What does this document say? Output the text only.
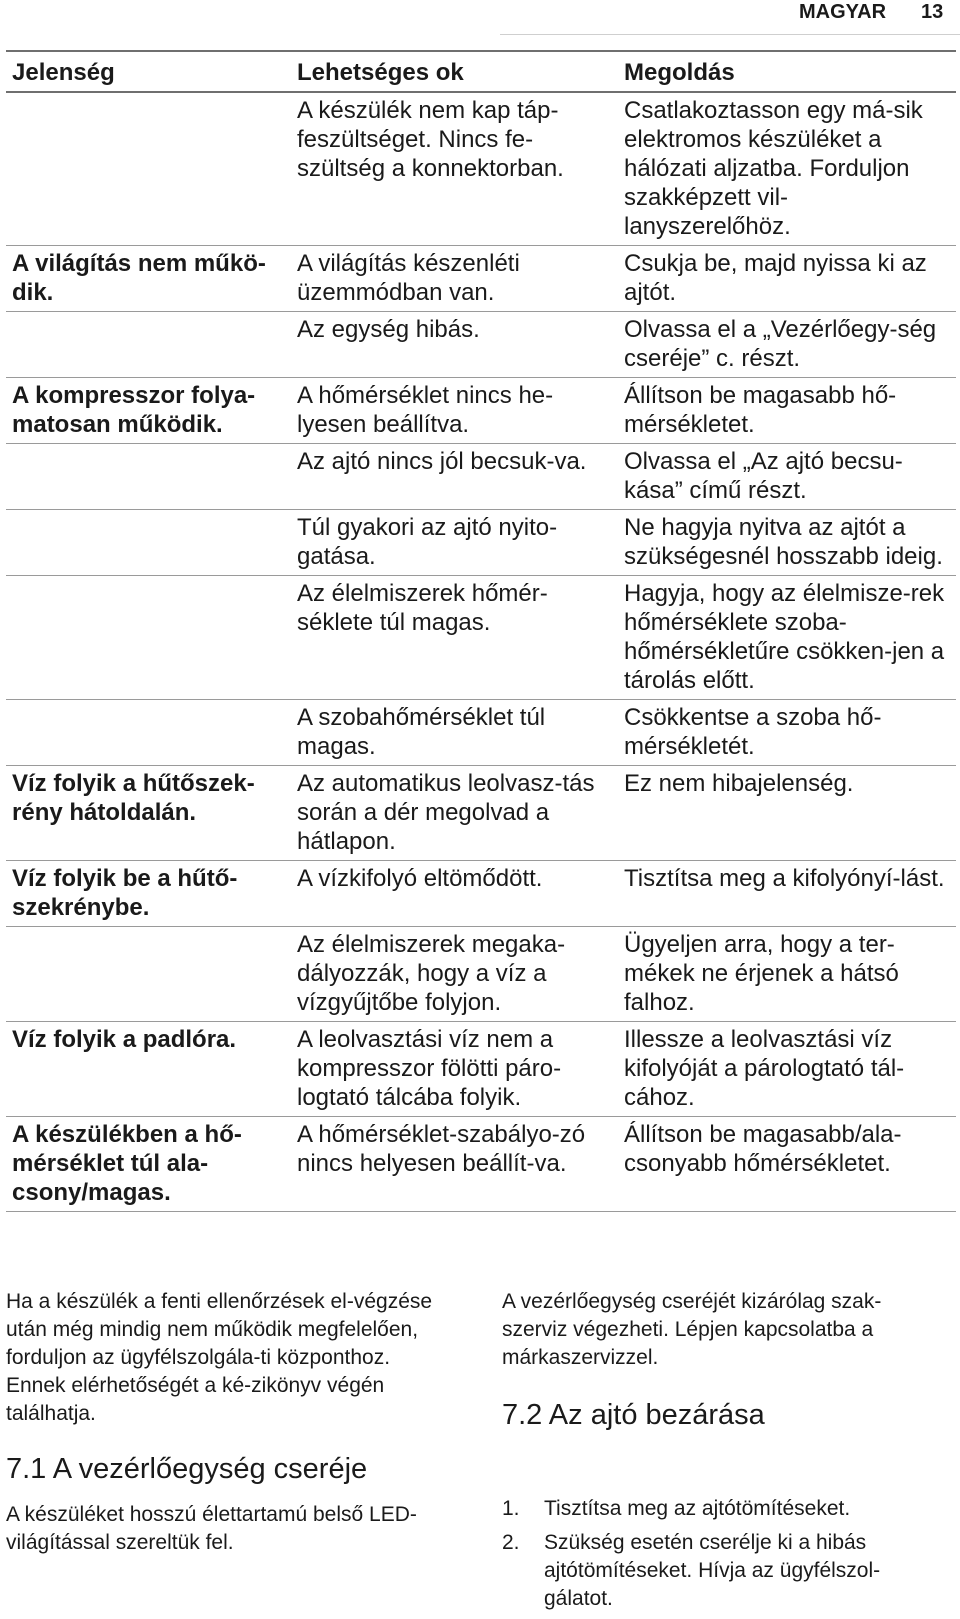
MAGYAR 13
Jelenség	Lehetséges ok	Megoldás
	A készülék nem kap táp-feszültséget. Nincs fe-szültség a konnektorban.	Csatlakoztasson egy má-sik elektromos készüléket a hálózati aljzatba. Forduljon szakképzett vil-lanyszerelőhöz.
A világítás nem műkö-dik.	A világítás készenléti üzemmódban van.	Csukja be, majd nyissa ki az ajtót.
	Az egység hibás.	Olvassa el a „Vezérlőegy-ség cseréje” c. részt.
A kompresszor folya-matosan működik.	A hőmérséklet nincs he-lyesen beállítva.	Állítson be magasabb hő-mérsékletet.
	Az ajtó nincs jól becsuk-va.	Olvassa el „Az ajtó becsu-kása” című részt.
	Túl gyakori az ajtó nyito-gatása.	Ne hagyja nyitva az ajtót a szükségesnél hosszabb ideig.
	Az élelmiszerek hőmér-séklete túl magas.	Hagyja, hogy az élelmisze-rek hőmérséklete szoba-hőmérsékletűre csökken-jen a tárolás előtt.
	A szobahőmérséklet túl magas.	Csökkentse a szoba hő-mérsékletét.
Víz folyik a hűtőszek-rény hátoldalán.	Az automatikus leolvasz-tás során a dér megolvad a hátlapon.	Ez nem hibajelenség.
Víz folyik be a hűtő-szekrénybe.	A vízkifolyó eltömődött.	Tisztítsa meg a kifolyónyí-lást.
	Az élelmiszerek megaka-dályozzák, hogy a víz a vízgyűjtőbe folyjon.	Ügyeljen arra, hogy a ter-mékek ne érjenek a hátsó falhoz.
Víz folyik a padlóra.	A leolvasztási víz nem a kompresszor fölötti páro-logtató tálcába folyik.	Illessze a leolvasztási víz kifolyóját a párologtató tál-cához.
A készülékben a hő-mérséklet túl ala-csony/magas.	A hőmérséklet-szabályo-zó nincs helyesen beállít-va.	Állítson be magasabb/ala-csonyabb hőmérsékletet.
Ha a készülék a fenti ellenőrzések el-végzése után még mindig nem működik megfelelően, forduljon az ügyfélszolgála-ti központhoz. Ennek elérhetőségét a ké-zikönyv végén találhatja.
7.1 A vezérlőegység cseréje
A készüléket hosszú élettartamú belső LED-világítással szereltük fel.
A vezérlőegység cseréjét kizárólag szak-szerviz végezheti. Lépjen kapcsolatba a márkaszervizzel.
7.2 Az ajtó bezárása
1. Tisztítsa meg az ajtótömítéseket.
2. Szükség esetén cserélje ki a hibás ajtótömítéseket. Hívja az ügyfélszol-gálatot.
